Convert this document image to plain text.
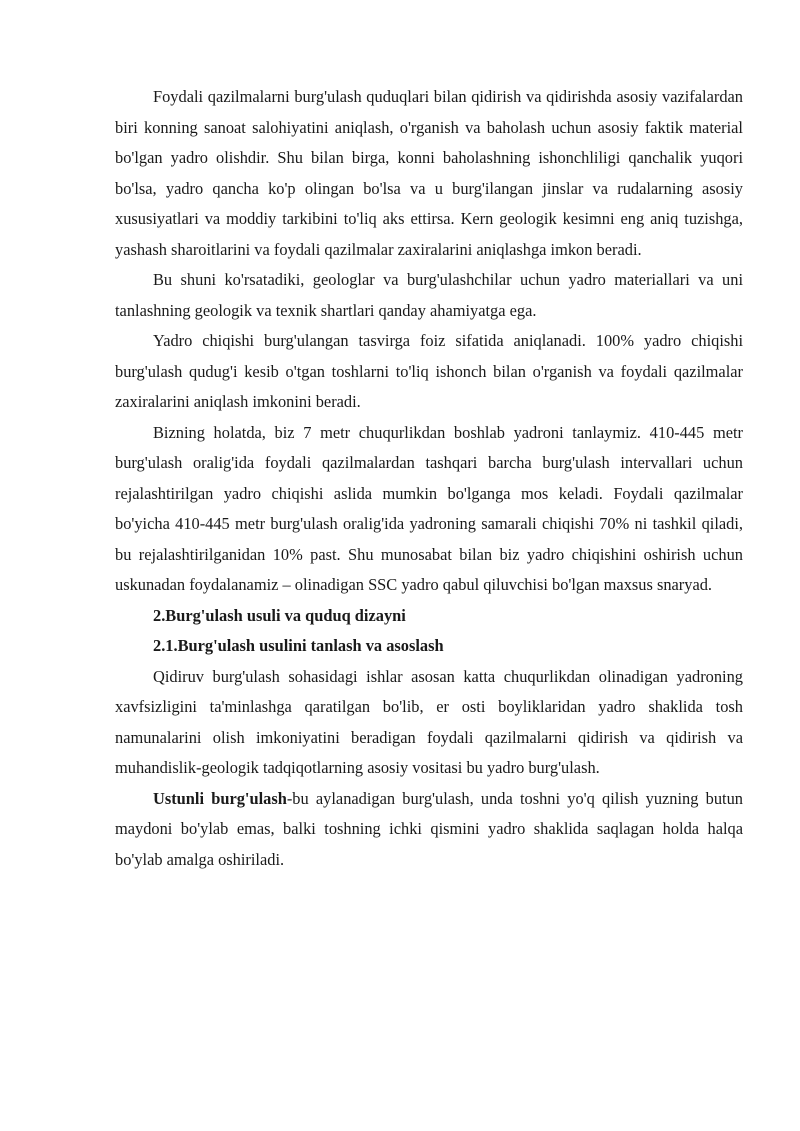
Foydali qazilmalarni burg'ulash quduqlari bilan qidirish va qidirishda asosiy vazifalardan biri konning sanoat salohiyatini aniqlash, o'rganish va baholash uchun asosiy faktik material bo'lgan yadro olishdir. Shu bilan birga, konni baholashning ishonchliligi qanchalik yuqori bo'lsa, yadro qancha ko'p olingan bo'lsa va u burg'ilangan jinslar va rudalarning asosiy xususiyatlari va moddiy tarkibini to'liq aks ettirsa. Kern geologik kesimni eng aniq tuzishga, yashash sharoitlarini va foydali qazilmalar zaxiralarini aniqlashga imkon beradi.

Bu shuni ko'rsatadiki, geologlar va burg'ulashchilar uchun yadro materiallari va uni tanlashning geologik va texnik shartlari qanday ahamiyatga ega.

Yadro chiqishi burg'ulangan tasvirga foiz sifatida aniqlanadi. 100% yadro chiqishi burg'ulash qudug'i kesib o'tgan toshlarni to'liq ishonch bilan o'rganish va foydali qazilmalar zaxiralarini aniqlash imkonini beradi.

Bizning holatda, biz 7 metr chuqurlikdan boshlab yadroni tanlaymiz. 410-445 metr burg'ulash oralig'ida foydali qazilmalardan tashqari barcha burg'ulash intervallari uchun rejalashtirilgan yadro chiqishi aslida mumkin bo'lganga mos keladi. Foydali qazilmalar bo'yicha 410-445 metr burg'ulash oralig'ida yadroning samarali chiqishi 70% ni tashkil qiladi, bu rejalashtirilganidan 10% past. Shu munosabat bilan biz yadro chiqishini oshirish uchun uskunadan foydalanamiz – olinadigan SSC yadro qabul qiluvchisi bo'lgan maxsus snaryad.

2.Burg'ulash usuli va quduq dizayni

2.1.Burg'ulash usulini tanlash va asoslash

Qidiruv burg'ulash sohasidagi ishlar asosan katta chuqurlikdan olinadigan yadroning xavfsizligini ta'minlashga qaratilgan bo'lib, er osti boyliklaridan yadro shaklida tosh namunalarini olish imkoniyatini beradigan foydali qazilmalarni qidirish va qidirish va muhandislik-geologik tadqiqotlarning asosiy vositasi bu yadro burg'ulash.

Ustunli burg'ulash-bu aylanadigan burg'ulash, unda toshni yo'q qilish yuzning butun maydoni bo'ylab emas, balki toshning ichki qismini yadro shaklida saqlagan holda halqa bo'ylab amalga oshiriladi.
